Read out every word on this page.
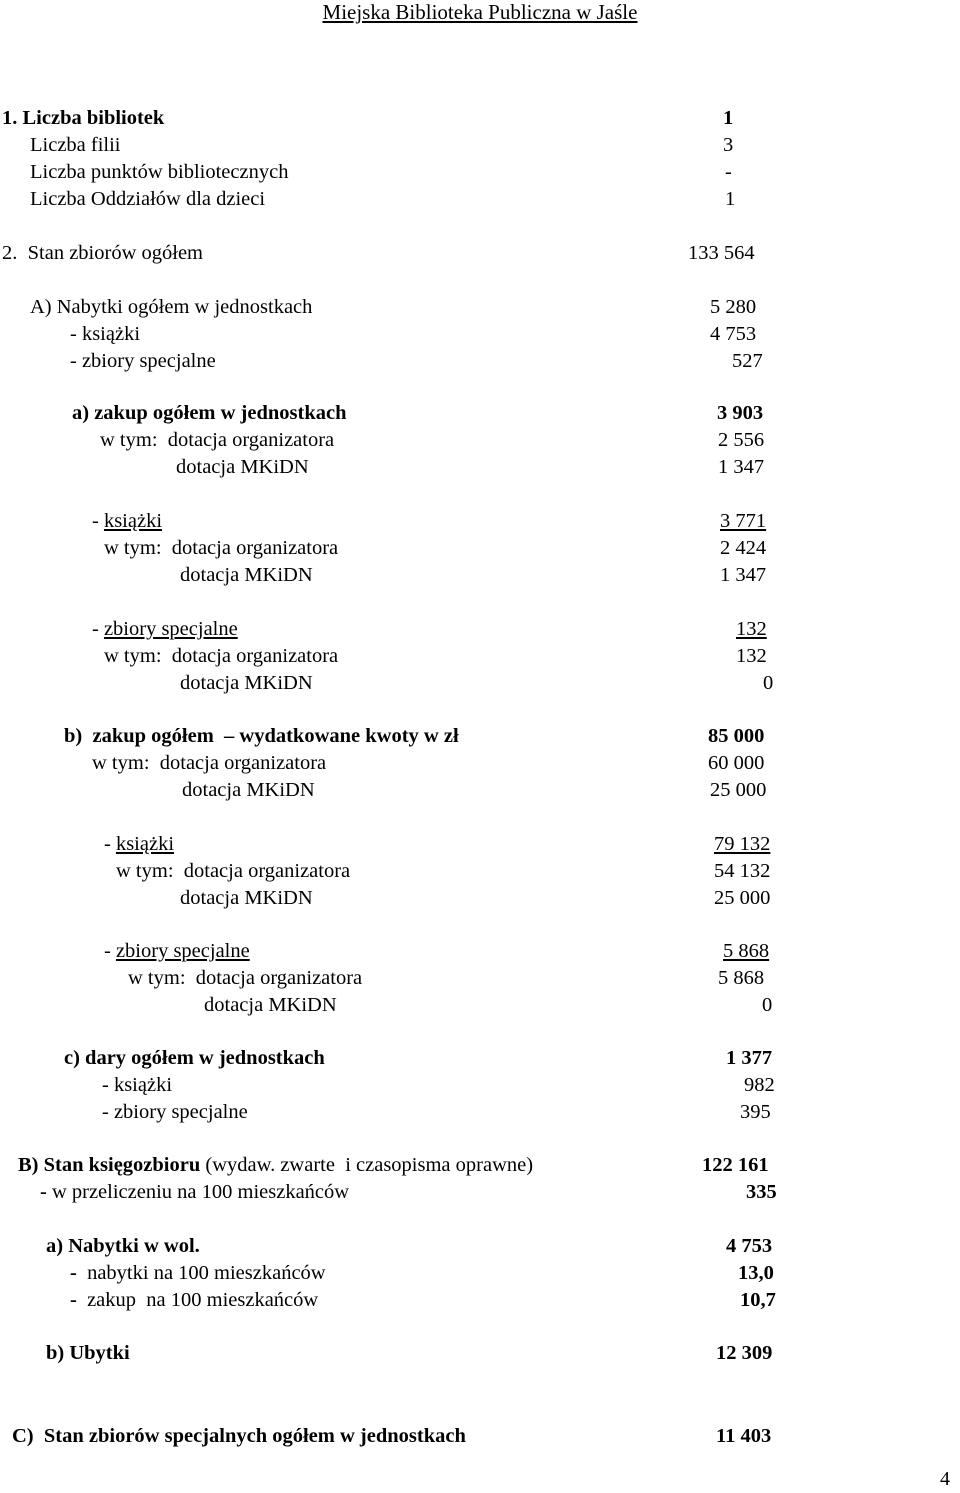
Miejska Biblioteka Publiczna w Jaśle
1. Liczba bibliotek	1
Liczba filii	3
Liczba punktów bibliotecznych	-
Liczba Oddziałów dla dzieci	1
2.  Stan zbiorów ogółem	133 564
A) Nabytki ogółem w jednostkach	5 280
- książki	4 753
- zbiory specjalne	527
a) zakup ogółem w jednostkach	3 903
w tym:  dotacja organizatora	2 556
dotacja MKiDN	1 347
- książki	3 771
w tym:  dotacja organizatora	2 424
dotacja MKiDN	1 347
- zbiory specjalne	132
w tym:  dotacja organizatora	132
dotacja MKiDN	0
b)  zakup ogółem  – wydatkowane kwoty w zł	85 000
w tym:  dotacja organizatora	60 000
dotacja MKiDN	25 000
- książki	79 132
w tym:  dotacja organizatora	54 132
dotacja MKiDN	25 000
- zbiory specjalne	5 868
w tym:  dotacja organizatora	5 868
dotacja MKiDN	0
c) dary ogółem w jednostkach	1 377
- książki	982
- zbiory specjalne	395
B) Stan księgozbioru (wydaw. zwarte  i czasopisma oprawne)	122 161
- w przeliczeniu na 100 mieszkańców	335
a) Nabytki w wol.	4 753
-  nabytki na 100 mieszkańców	13,0
-  zakup  na 100 mieszkańców	10,7
b) Ubytki	12 309
C)  Stan zbiorów specjalnych ogółem w jednostkach	11 403
4
